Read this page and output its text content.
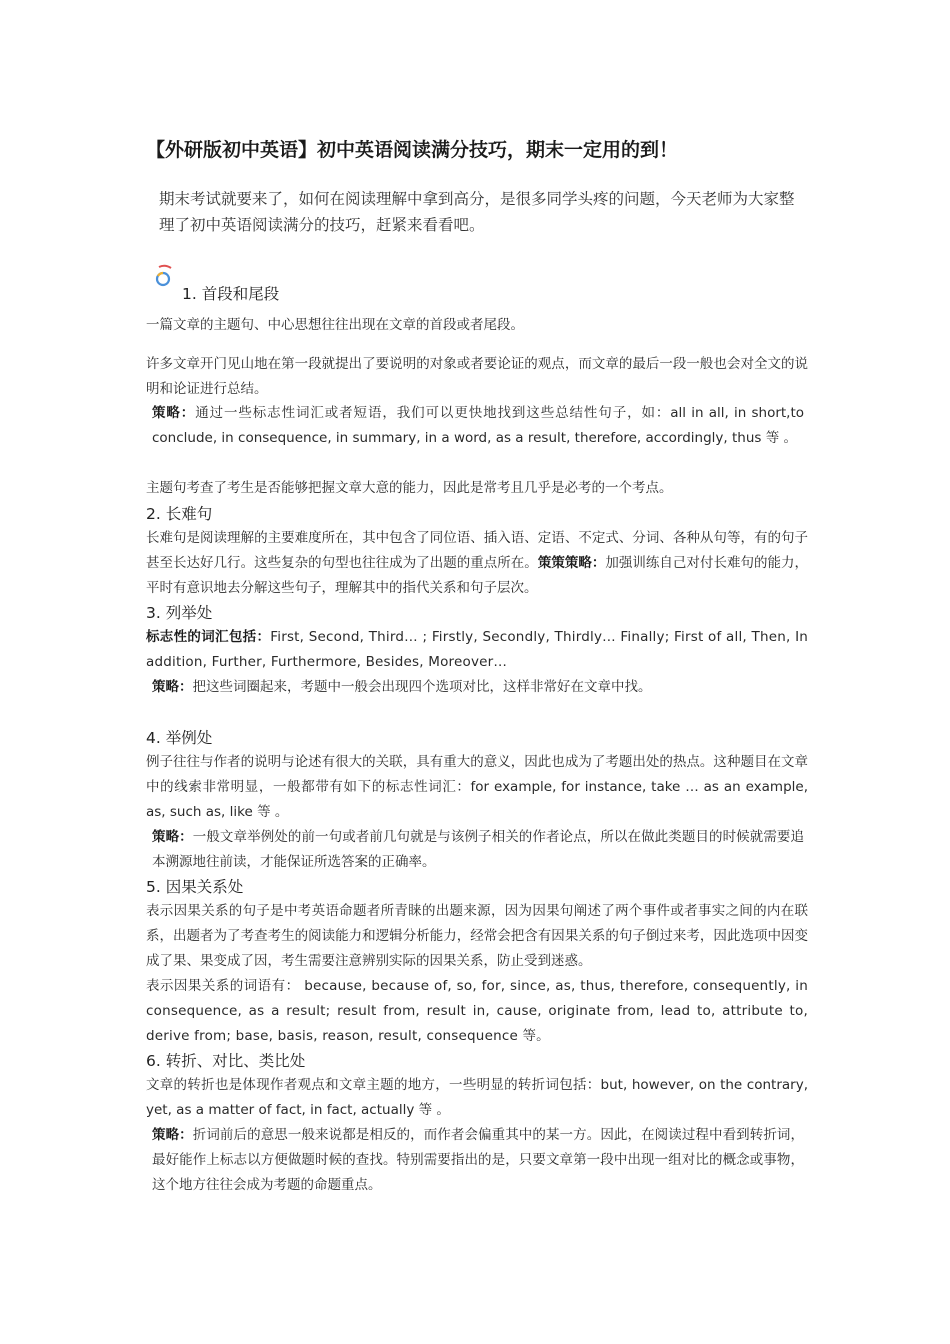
【外研版初中英语】初中英语阅读满分技巧，期末一定用的到！
期末考试就要来了，如何在阅读理解中拿到高分，是很多同学头疼的问题，今天老师为大家整理了初中英语阅读满分的技巧，赶紧来看看吧。
1. 首段和尾段
一篇文章的主题句、中心思想往往出现在文章的首段或者尾段。
许多文章开门见山地在第一段就提出了要说明的对象或者要论证的观点，而文章的最后一段一般也会对全文的说明和论证进行总结。
策略：通过一些标志性词汇或者短语，我们可以更快地找到这些总结性句子，如：all in all, in short,to conclude, in consequence, in summary, in a word, as a result, therefore, accordingly, thus 等 。
主题句考查了考生是否能够把握文章大意的能力，因此是常考且几乎是必考的一个考点。
2. 长难句
长难句是阅读理解的主要难度所在，其中包含了同位语、插入语、定语、不定式、分词、各种从句等，有的句子甚至长达好几行。这些复杂的句型也往往成为了出题的重点所在。策策策略：加强训练自己对付长难句的能力，平时有意识地去分解这些句子，理解其中的指代关系和句子层次。
3. 列举处
标志性的词汇包括：First, Second, Third… ; Firstly, Secondly, Thirdly… Finally; First of all, Then, In addition, Further, Furthermore, Besides, Moreover…
策略：把这些词圈起来，考题中一般会出现四个选项对比，这样非常好在文章中找。
4. 举例处
例子往往与作者的说明与论述有很大的关联，具有重大的意义，因此也成为了考题出处的热点。这种题目在文章中的线索非常明显，一般都带有如下的标志性词汇：for example, for instance, take … as an example, as, such as, like 等 。
策略：一般文章举例处的前一句或者前几句就是与该例子相关的作者论点，所以在做此类题目的时候就需要追本溯源地往前读，才能保证所选答案的正确率。
5. 因果关系处
表示因果关系的句子是中考英语命题者所青睐的出题来源，因为因果句阐述了两个事件或者事实之间的内在联系，出题者为了考查考生的阅读能力和逻辑分析能力，经常会把含有因果关系的句子倒过来考，因此选项中因变成了果、果变成了因，考生需要注意辨别实际的因果关系，防止受到迷惑。
表示因果关系的词语有： because, because of, so, for, since, as, thus, therefore, consequently, in consequence, as a result; result from, result in, cause, originate from, lead to, attribute to, derive from; base, basis, reason, result, consequence 等。
6. 转折、对比、类比处
文章的转折也是体现作者观点和文章主题的地方，一些明显的转折词包括：but, however, on the contrary, yet, as a matter of fact, in fact, actually 等 。
策略：折词前后的意思一般来说都是相反的，而作者会偏重其中的某一方。因此，在阅读过程中看到转折词，最好能作上标志以方便做题时候的查找。特别需要指出的是，只要文章第一段中出现一组对比的概念或事物，这个地方往往会成为考题的命题重点。
